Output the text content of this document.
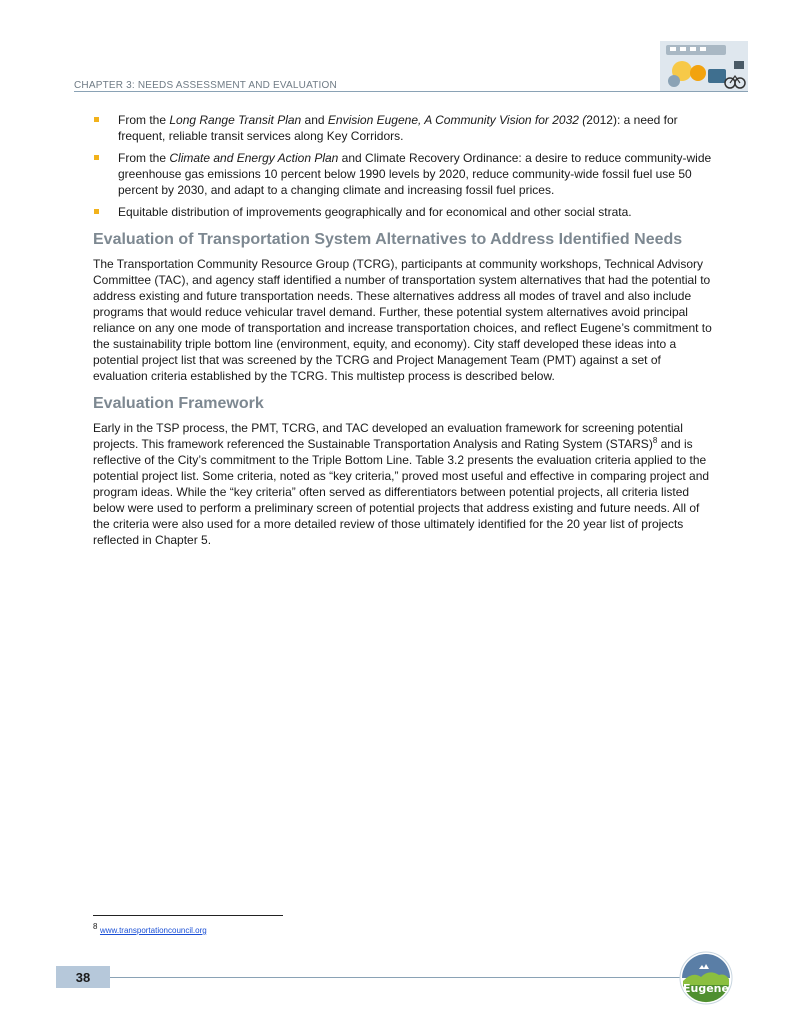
CHAPTER 3: NEEDS ASSESSMENT AND EVALUATION
From the Long Range Transit Plan and Envision Eugene, A Community Vision for 2032 (2012): a need for frequent, reliable transit services along Key Corridors.
From the Climate and Energy Action Plan and Climate Recovery Ordinance: a desire to reduce community-wide greenhouse gas emissions 10 percent below 1990 levels by 2020, reduce community-wide fossil fuel use 50 percent by 2030, and adapt to a changing climate and increasing fossil fuel prices.
Equitable distribution of improvements geographically and for economical and other social strata.
Evaluation of Transportation System Alternatives to Address Identified Needs

The Transportation Community Resource Group (TCRG), participants at community workshops, Technical Advisory Committee (TAC), and agency staff identified a number of transportation system alternatives that had the potential to address existing and future transportation needs. These alternatives address all modes of travel and also include programs that would reduce vehicular travel demand. Further, these potential system alternatives avoid principal reliance on any one mode of transportation and increase transportation choices, and reflect Eugene’s commitment to the sustainability triple bottom line (environment, equity, and economy). City staff developed these ideas into a potential project list that was screened by the TCRG and Project Management Team (PMT) against a set of evaluation criteria established by the TCRG. This multistep process is described below.

Evaluation Framework

Early in the TSP process, the PMT, TCRG, and TAC developed an evaluation framework for screening potential projects. This framework referenced the Sustainable Transportation Analysis and Rating System (STARS)$^8$ and is reflective of the City’s commitment to the Triple Bottom Line. Table 3.2 presents the evaluation criteria applied to the potential project list. Some criteria, noted as “key criteria,” proved most useful and effective in comparing project and program ideas. While the “key criteria” often served as differentiators between potential projects, all criteria listed below were used to perform a preliminary screen of potential projects that address existing and future needs. All of the criteria were also used for a more detailed review of those ultimately identified for the 20 year list of projects reflected in Chapter 5.

$^8$ www.transportationcouncil.org
38
Eugene
